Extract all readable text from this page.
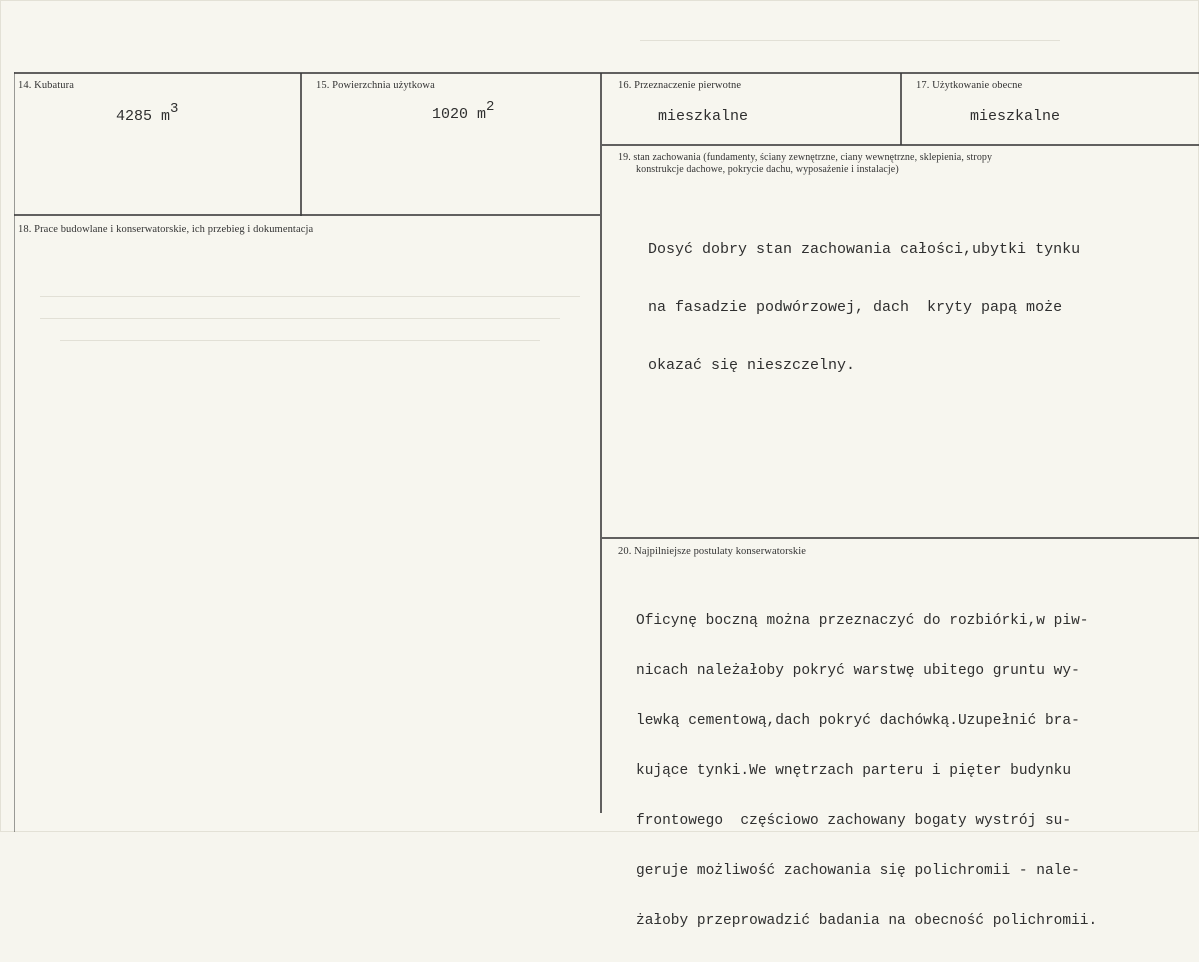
14. Kubatura
4285 m3
15. Powierzchnia użytkowa
1020 m2
16. Przeznaczenie pierwotne
mieszkalne
17. Użytkowanie obecne
mieszkalne
18. Prace budowlane i konserwatorskie, ich przebieg i dokumentacja
19. stan zachowania (fundamenty, ściany zewnętrzne, ciany wewnętrzne, sklepienia, stropy
konstrukcje dachowe, pokrycie dachu, wyposażenie i instalacje)

Dosyć dobry stan zachowania całości,ubytki tynku

na fasadzie podwórzowej, dach  kryty papą może

okazać się nieszczelny.

20. Najpilniejsze postulaty konserwatorskie

Oficynę boczną można przeznaczyć do rozbiórki,w piw-

nicach należałoby pokryć warstwę ubitego gruntu wy-

lewką cementową,dach pokryć dachówką.Uzupełnić bra-

kujące tynki.We wnętrzach parteru i pięter budynku

frontowego  częściowo zachowany bogaty wystrój su-

geruje możliwość zachowania się polichromii - nale-

żałoby przeprowadzić badania na obecność polichromii.
